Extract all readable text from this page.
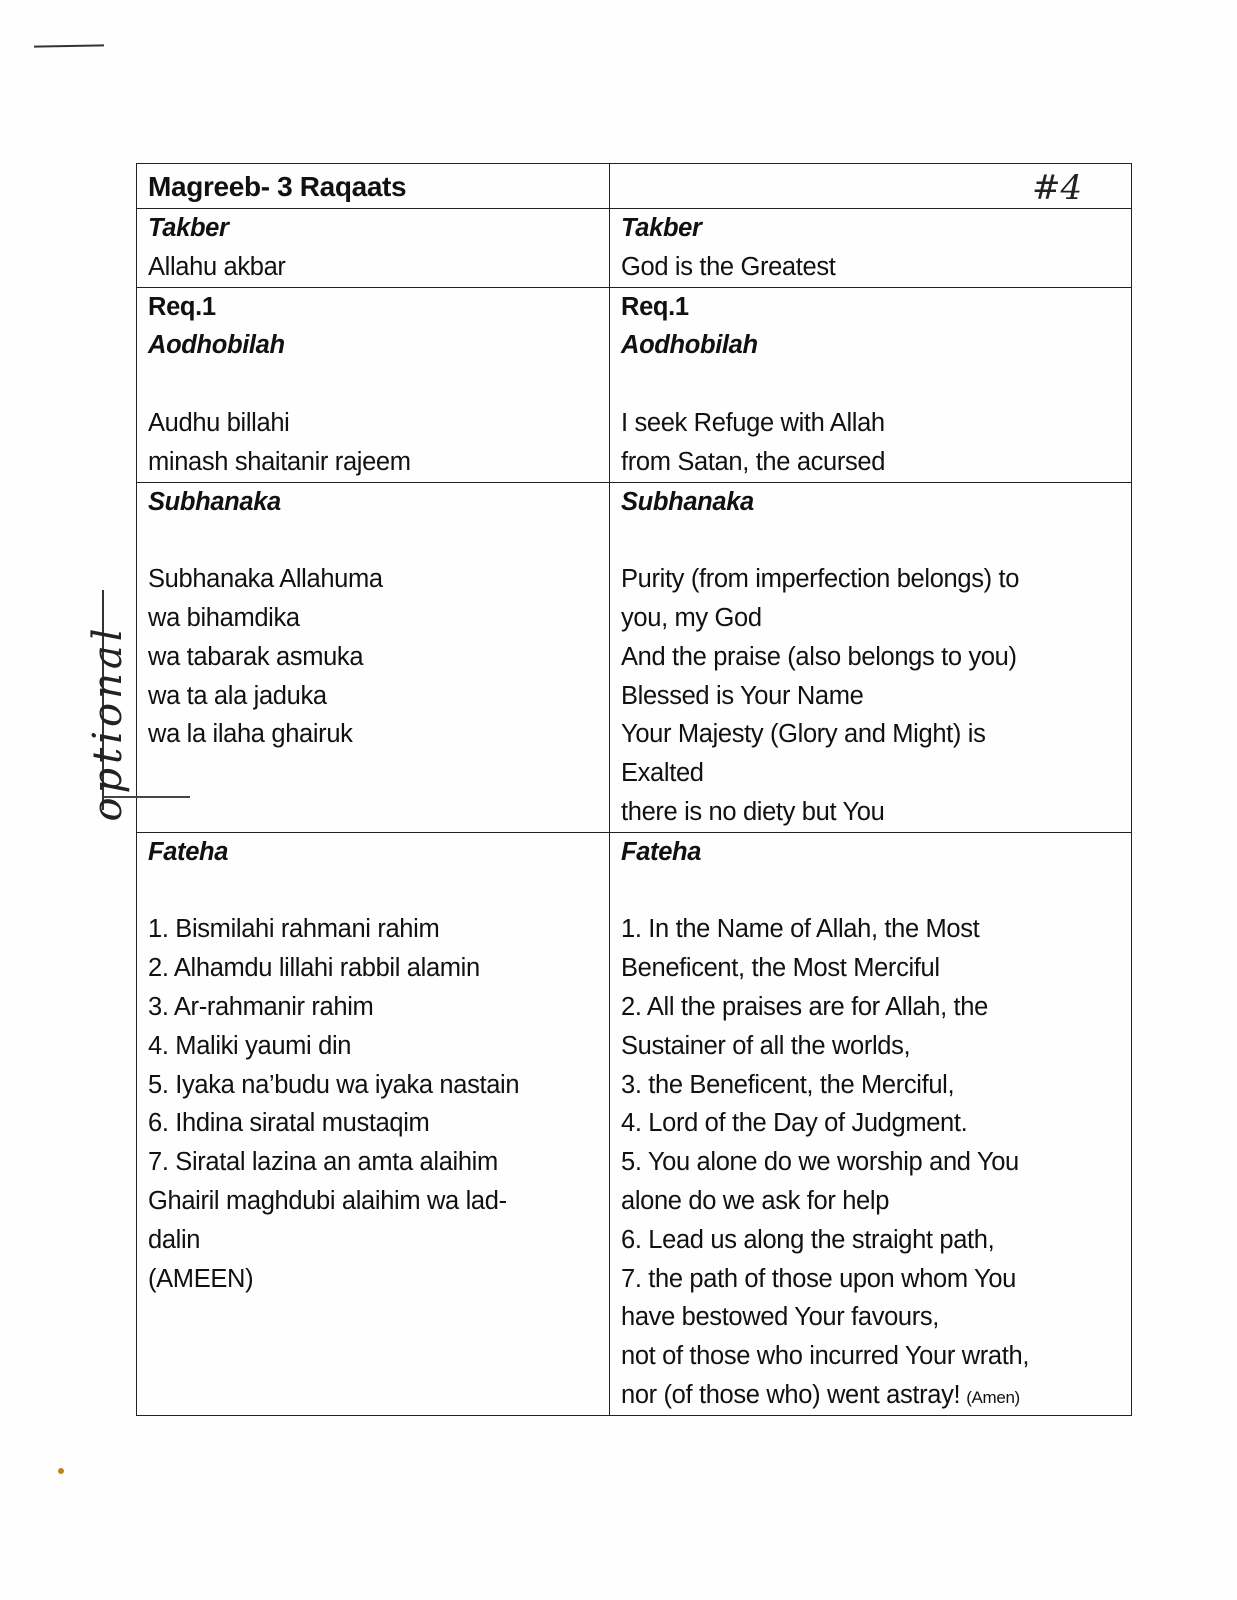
Magreeb- 3 Raqaats
Takber
Allahu akbar
Takber
God is the Greatest
Req.1
Aodhobilah
Audhu billahi
minash shaitanir rajeem
Req.1
Aodhobilah
I seek Refuge with Allah
from Satan, the acursed
Subhanaka
Subhanaka Allahuma
wa bihamdika
wa tabarak asmuka
wa ta ala jaduka
wa la ilaha ghairuk
Subhanaka
Purity (from imperfection belongs) to
you, my God
And the praise (also belongs to you)
Blessed is Your Name
Your Majesty (Glory and Might) is
Exalted
there is no diety but You
Fateha
1. Bismilahi rahmani rahim
2. Alhamdu lillahi rabbil alamin
3. Ar-rahmanir rahim
4. Maliki yaumi din
5. Iyaka na’budu wa iyaka nastain
6. Ihdina siratal mustaqim
7. Siratal lazina an amta alaihim
Ghairil maghdubi alaihim wa lad-
dalin
(AMEEN)
Fateha
1. In the Name of Allah, the Most
Beneficent, the Most Merciful
2. All the praises are for Allah, the
Sustainer of all the worlds,
3. the Beneficent, the Merciful,
4. Lord of the Day of Judgment.
5. You alone do we worship and You
alone do we ask for help
6. Lead us along the straight path,
7. the path of those upon whom You
have bestowed Your favours,
not of those who incurred Your wrath,
nor (of those who) went astray! (Amen)
#4
optional
